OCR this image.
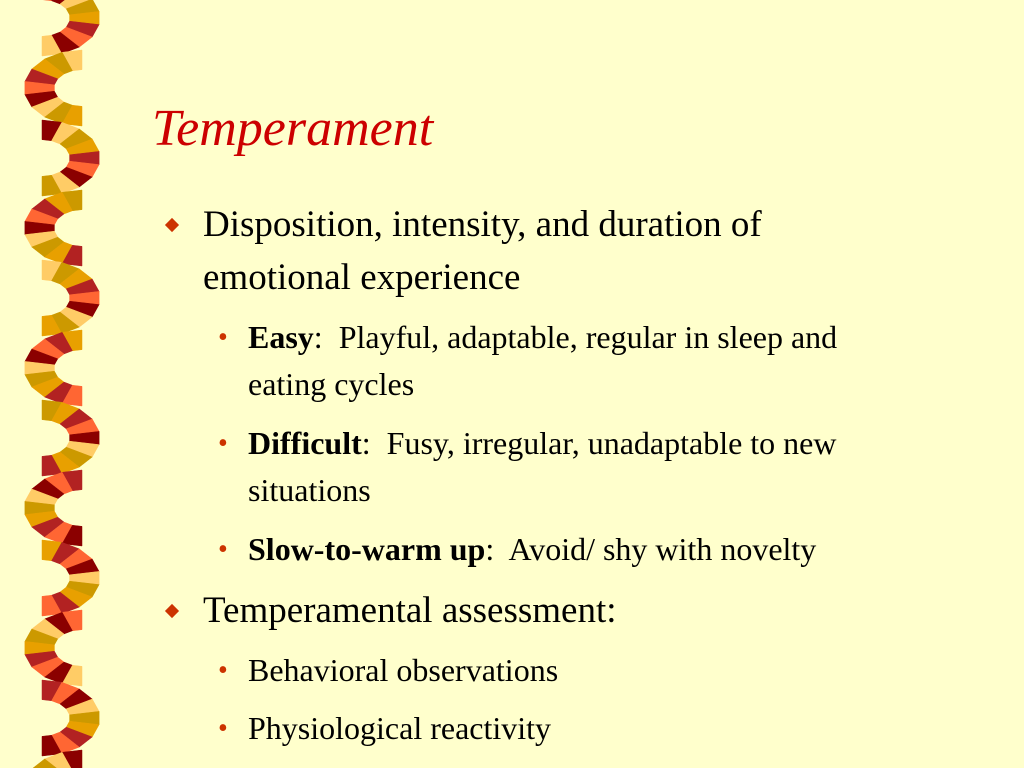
Temperament
Disposition, intensity, and duration of
emotional experience
• Easy:  Playful, adaptable, regular in sleep and
eating cycles
• Difficult:  Fusy, irregular, unadaptable to new
situations
• Slow-to-warm up:  Avoid/ shy with novelty
Temperamental assessment:
• Behavioral observations
• Physiological reactivity
